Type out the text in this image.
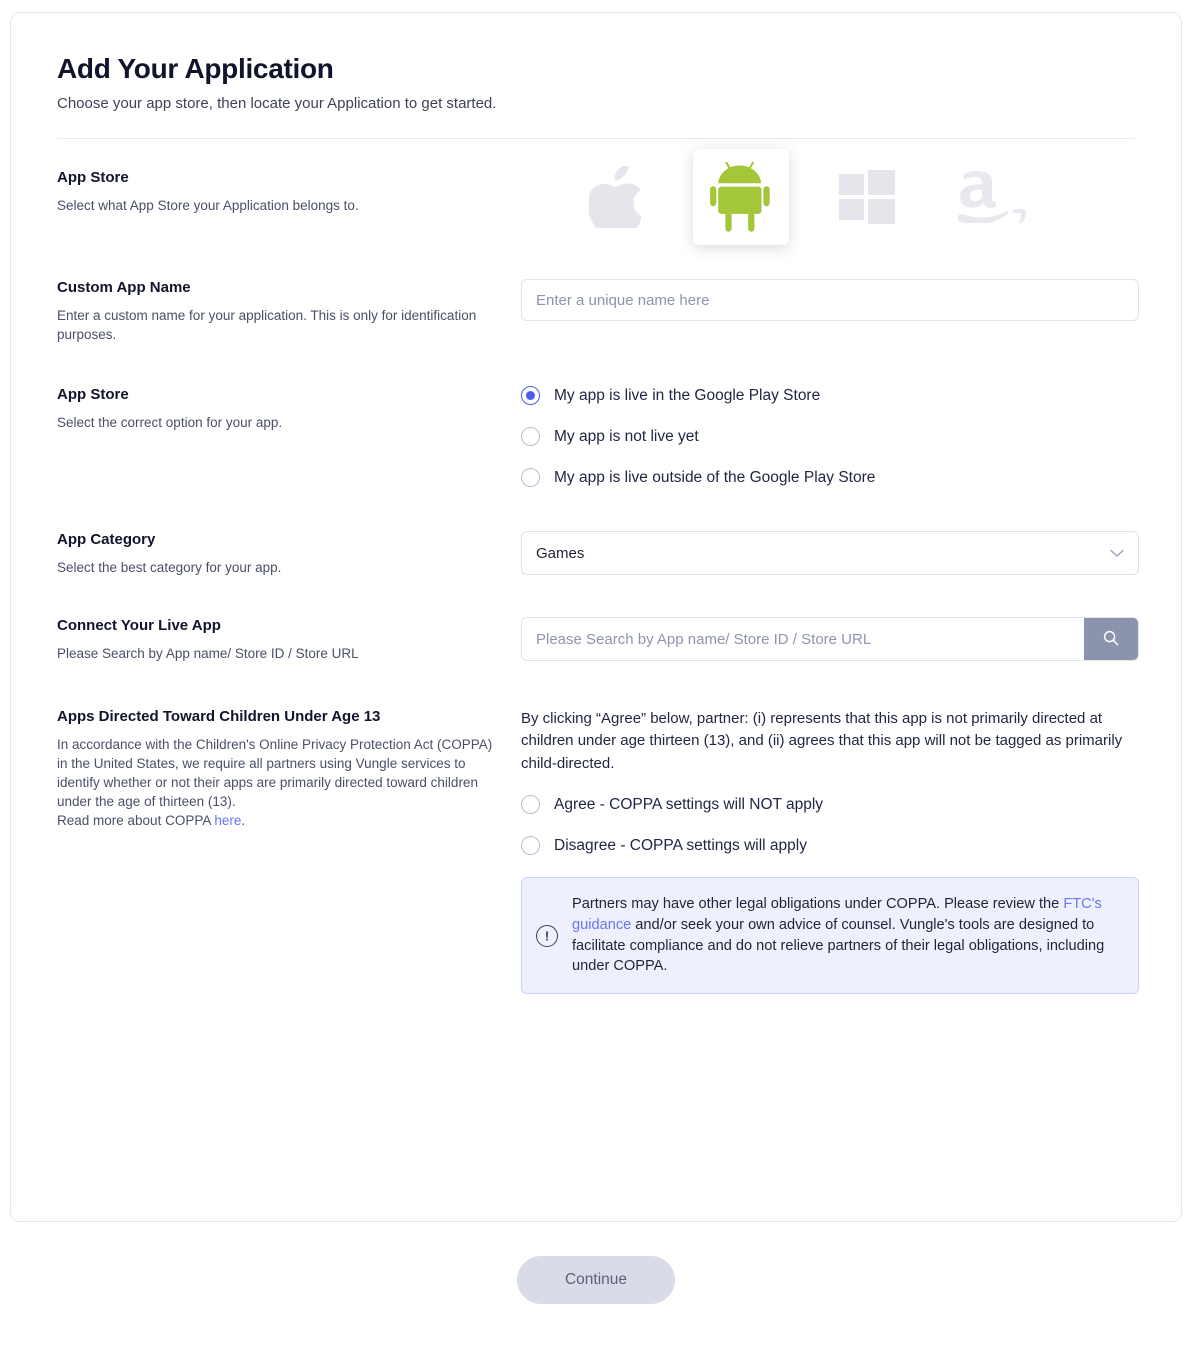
Add Your Application

Choose your app store, then locate your Application to get started.

App Store

Select what App Store your Application belongs to.

Custom App Name

Enter a custom name for your application. This is only for identification purposes.

Enter a unique name here
App Store

Select the correct option for your app.

My app is live in the Google Play Store
My app is not live yet
My app is live outside of the Google Play Store
App Category

Select the best category for your app.

Games
Connect Your Live App

Please Search by App name/ Store ID / Store URL

Please Search by App name/ Store ID / Store URL
Apps Directed Toward Children Under Age 13

In accordance with the Children's Online Privacy Protection Act (COPPA) in the United States, we require all partners using Vungle services to identify whether or not their apps are primarily directed toward children under the age of thirteen (13).

Read more about COPPA here.

By clicking “Agree” below, partner: (i) represents that this app is not primarily directed at children under age thirteen (13), and (ii) agrees that this app will not be tagged as primarily child-directed.

Agree - COPPA settings will NOT apply
Disagree - COPPA settings will apply
!

Partners may have other legal obligations under COPPA. Please review the FTC's guidance and/or seek your own advice of counsel. Vungle's tools are designed to facilitate compliance and do not relieve partners of their legal obligations, including under COPPA.

Continue
